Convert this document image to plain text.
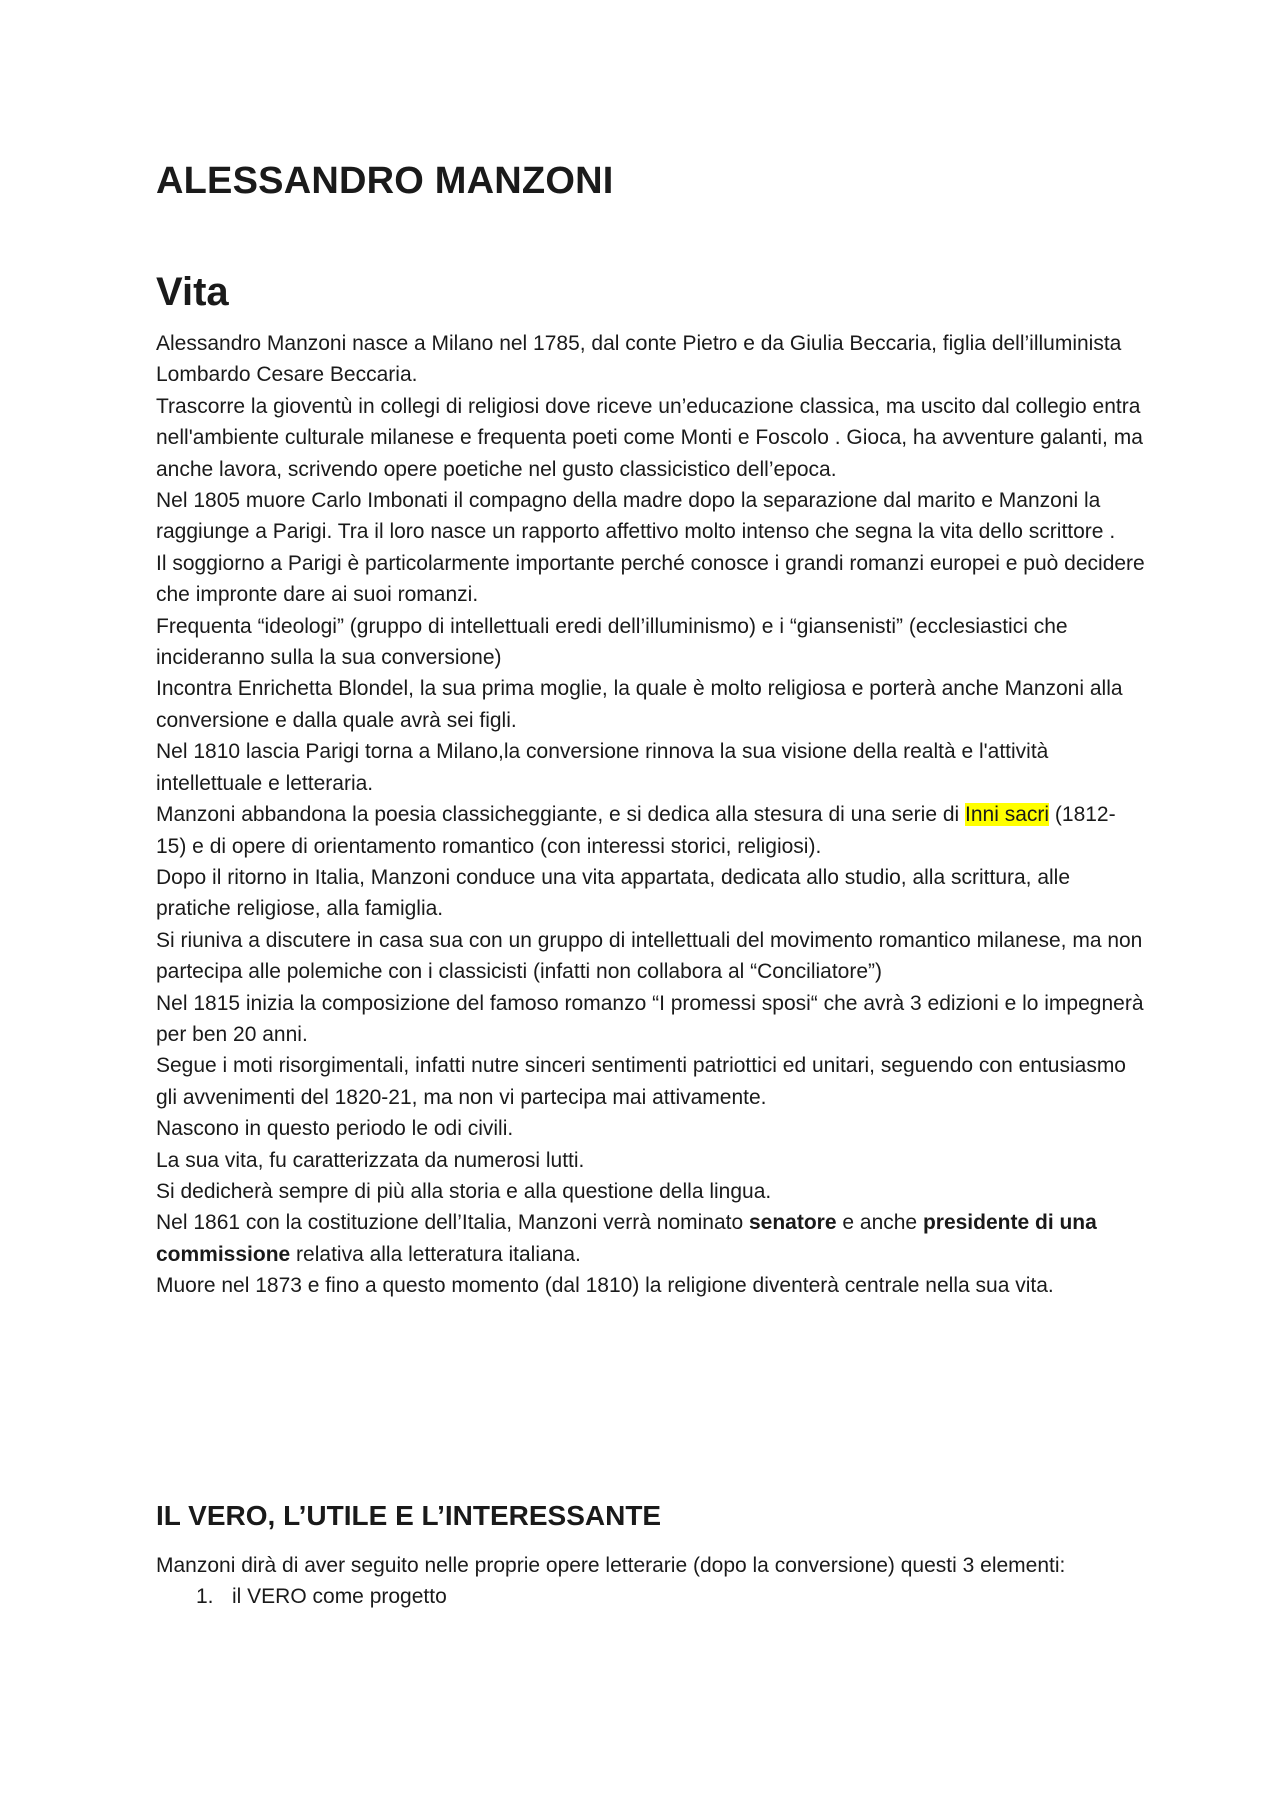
ALESSANDRO MANZONI
Vita

Alessandro Manzoni nasce a Milano nel 1785, dal conte Pietro e da Giulia Beccaria, figlia dell’illuminista Lombardo Cesare Beccaria.

Trascorre la gioventù in collegi di religiosi dove riceve un’educazione classica, ma uscito dal collegio entra nell'ambiente culturale milanese e frequenta poeti come Monti e Foscolo . Gioca, ha avventure galanti, ma anche lavora, scrivendo opere poetiche nel gusto classicistico dell’epoca.

Nel 1805 muore Carlo Imbonati il compagno della madre dopo la separazione dal marito e Manzoni la raggiunge a Parigi. Tra il loro nasce un rapporto affettivo molto intenso che segna la vita dello scrittore .

Il soggiorno a Parigi è particolarmente importante perché conosce i grandi romanzi europei e può decidere che impronte dare ai suoi romanzi.

Frequenta “ideologi” (gruppo di intellettuali eredi dell’illuminismo) e i “giansenisti” (ecclesiastici che incideranno sulla la sua conversione)

Incontra Enrichetta Blondel, la sua prima moglie, la quale è molto religiosa e porterà anche Manzoni alla conversione e dalla quale avrà sei figli.

Nel 1810 lascia Parigi torna a Milano,la conversione rinnova la sua visione della realtà e l'attività intellettuale e letteraria.

Manzoni abbandona la poesia classicheggiante, e si dedica alla stesura di una serie di Inni sacri (1812- 15) e di opere di orientamento romantico (con interessi storici, religiosi).

Dopo il ritorno in Italia, Manzoni conduce una vita appartata, dedicata allo studio, alla scrittura, alle pratiche religiose, alla famiglia.

Si riuniva a discutere in casa sua con un gruppo di intellettuali del movimento romantico milanese, ma non partecipa alle polemiche con i classicisti (infatti non collabora al “Conciliatore”)

Nel 1815 inizia la composizione del famoso romanzo “I promessi sposi“ che avrà 3 edizioni e lo impegnerà per ben 20 anni.

Segue i moti risorgimentali, infatti nutre sinceri sentimenti patriottici ed unitari, seguendo con entusiasmo gli avvenimenti del 1820-21, ma non vi partecipa mai attivamente.

Nascono in questo periodo le odi civili.

La sua vita, fu caratterizzata da numerosi lutti.

Si dedicherà sempre di più alla storia e alla questione della lingua.

Nel 1861 con la costituzione dell’Italia, Manzoni verrà nominato senatore e anche presidente di una commissione relativa alla letteratura italiana.

Muore nel 1873 e fino a questo momento (dal 1810) la religione diventerà centrale nella sua vita.

IL VERO, L’UTILE E L’INTERESSANTE

Manzoni dirà di aver seguito nelle proprie opere letterarie (dopo la conversione) questi 3 elementi:

1. il VERO come progetto
